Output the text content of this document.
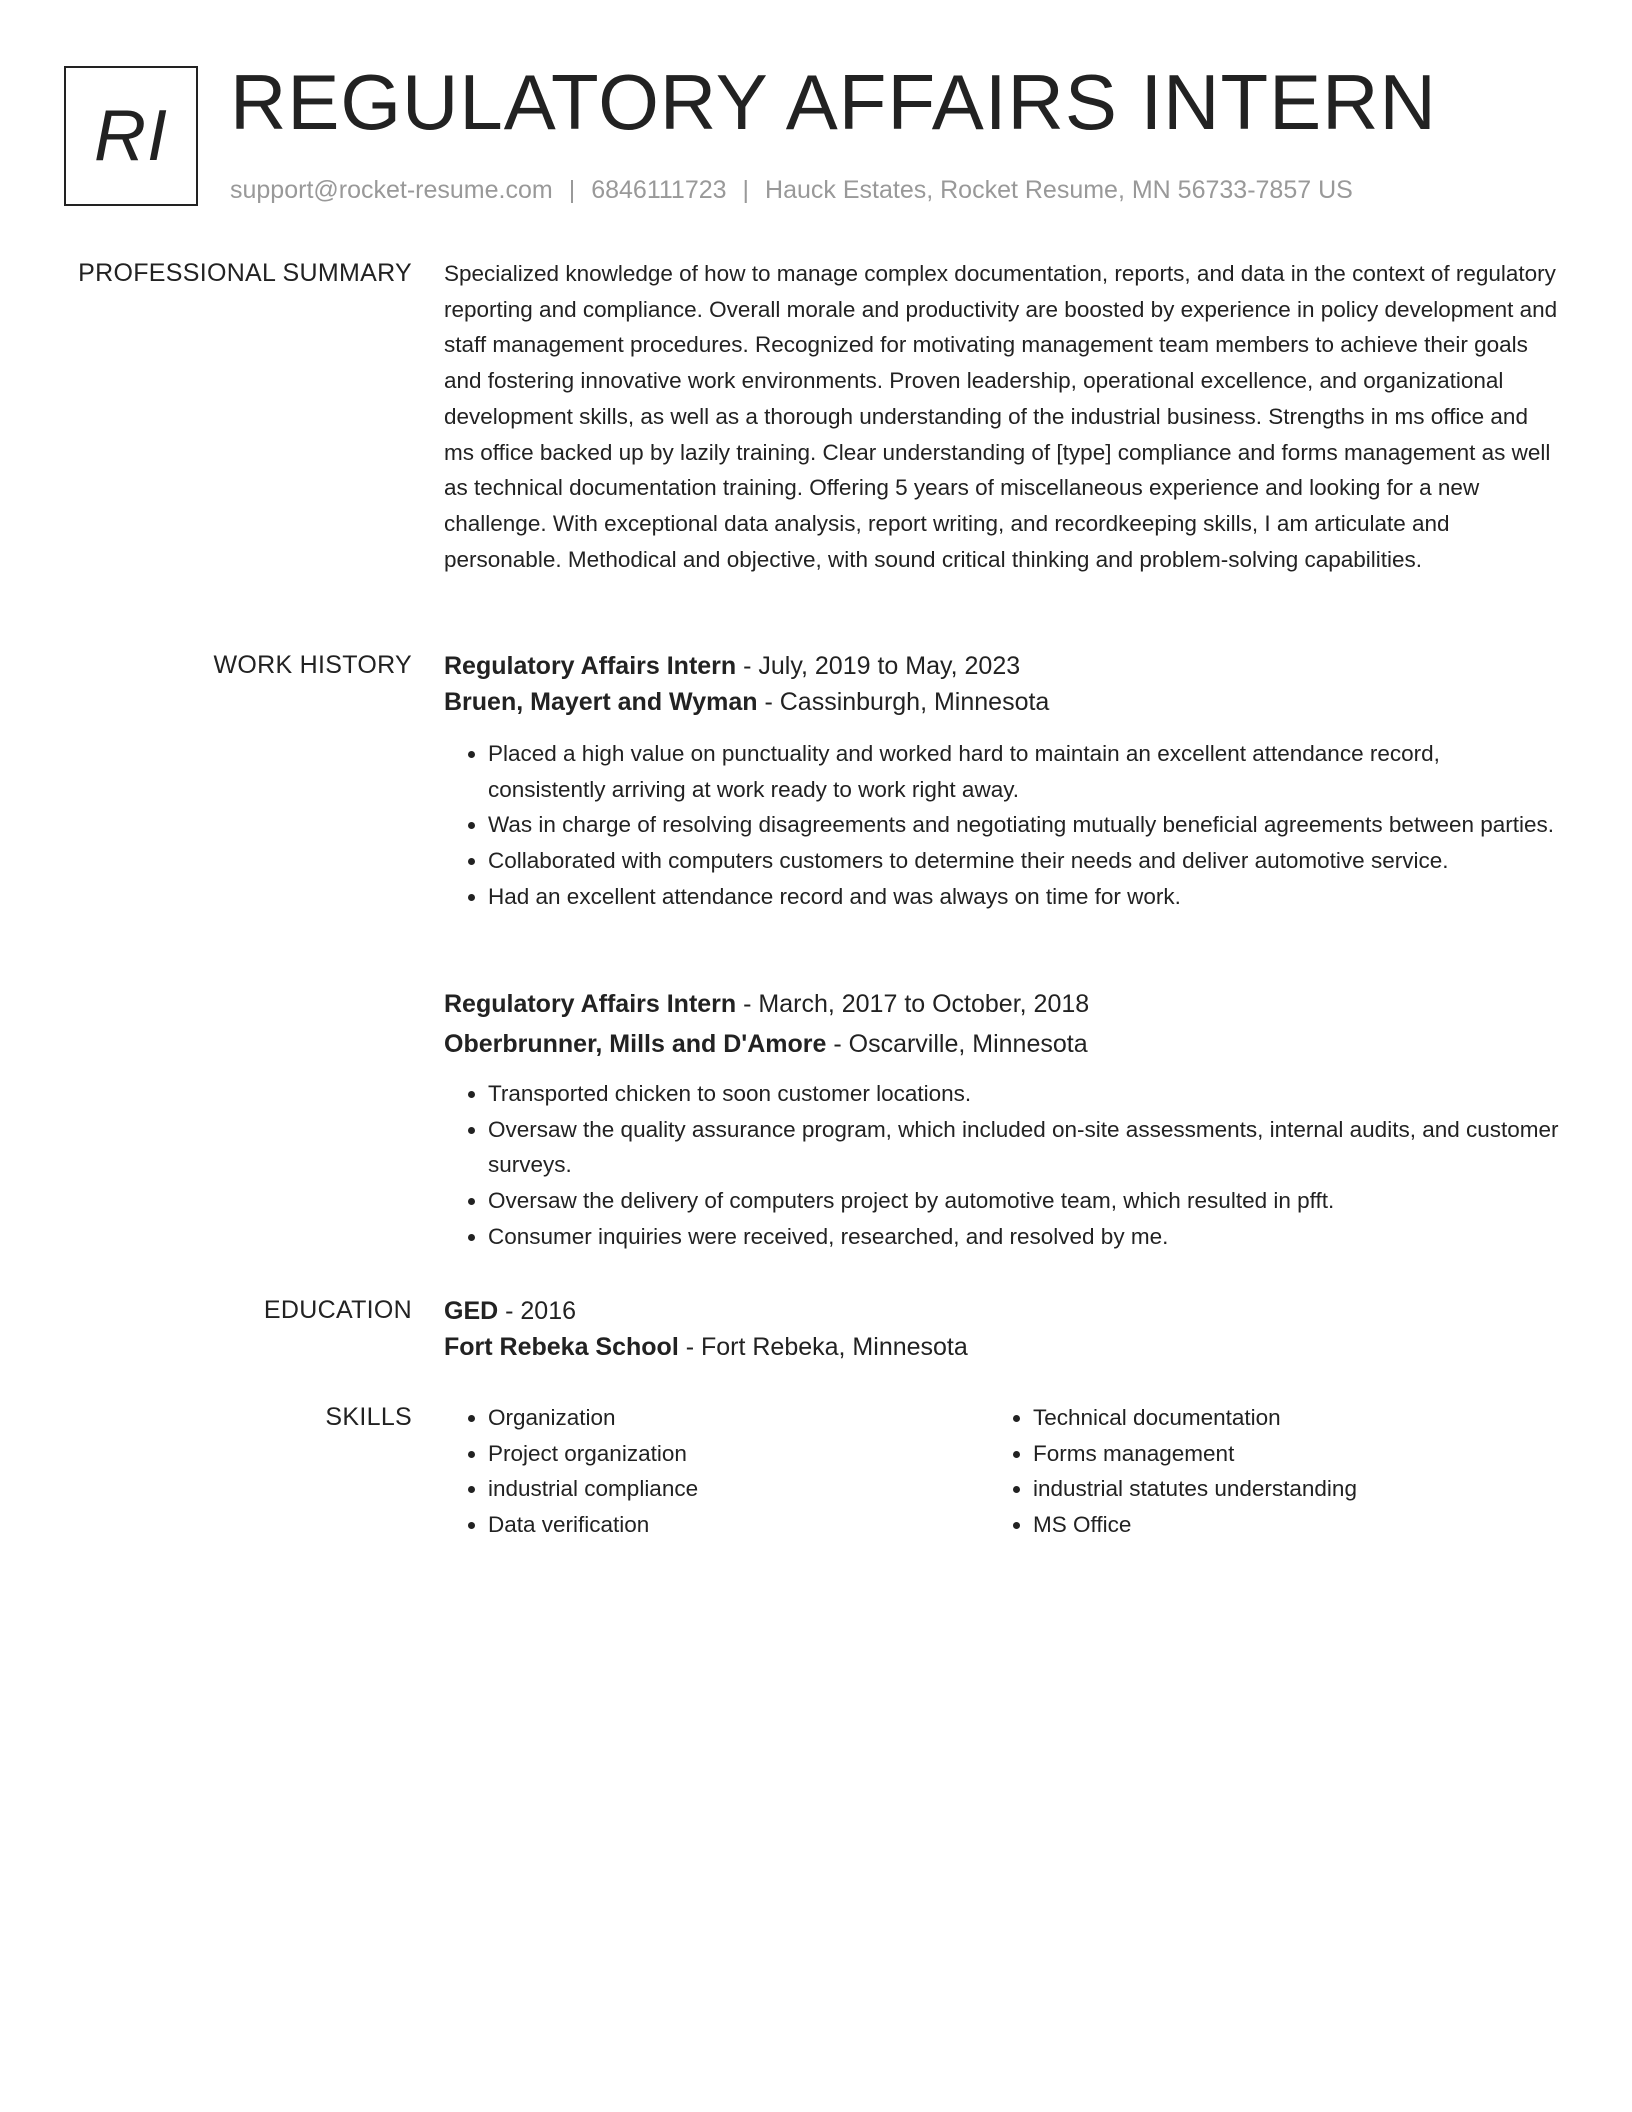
RI REGULATORY AFFAIRS INTERN
support@rocket-resume.com | 6846111723 | Hauck Estates, Rocket Resume, MN 56733-7857 US
PROFESSIONAL SUMMARY Specialized knowledge of how to manage complex documentation, reports, and data in the context of regulatory reporting and compliance. Overall morale and productivity are boosted by experience in policy development and staff management procedures. Recognized for motivating management team members to achieve their goals and fostering innovative work environments. Proven leadership, operational excellence, and organizational development skills, as well as a thorough understanding of the industrial business. Strengths in ms office and ms office backed up by lazily training. Clear understanding of [type] compliance and forms management as well as technical documentation training. Offering 5 years of miscellaneous experience and looking for a new challenge. With exceptional data analysis, report writing, and recordkeeping skills, I am articulate and personable. Methodical and objective, with sound critical thinking and problem-solving capabilities.

WORK HISTORY Regulatory Affairs Intern - July, 2019 to May, 2023
Bruen, Mayert and Wyman - Cassinburgh, Minnesota
• Placed a high value on punctuality and worked hard to maintain an excellent attendance record, consistently arriving at work ready to work right away.
• Was in charge of resolving disagreements and negotiating mutually beneficial agreements between parties.
• Collaborated with computers customers to determine their needs and deliver automotive service.
• Had an excellent attendance record and was always on time for work.
Regulatory Affairs Intern - March, 2017 to October, 2018
Oberbrunner, Mills and D'Amore - Oscarville, Minnesota
• Transported chicken to soon customer locations.
• Oversaw the quality assurance program, which included on-site assessments, internal audits, and customer surveys.
• Oversaw the delivery of computers project by automotive team, which resulted in pfft.
• Consumer inquiries were received, researched, and resolved by me.
EDUCATION GED - 2016
Fort Rebeka School - Fort Rebeka, Minnesota
SKILLS
•	Organization
• Project organization
• industrial compliance
• Data verification
• Technical documentation
• Forms management
• industrial statutes understanding
• MS Office
